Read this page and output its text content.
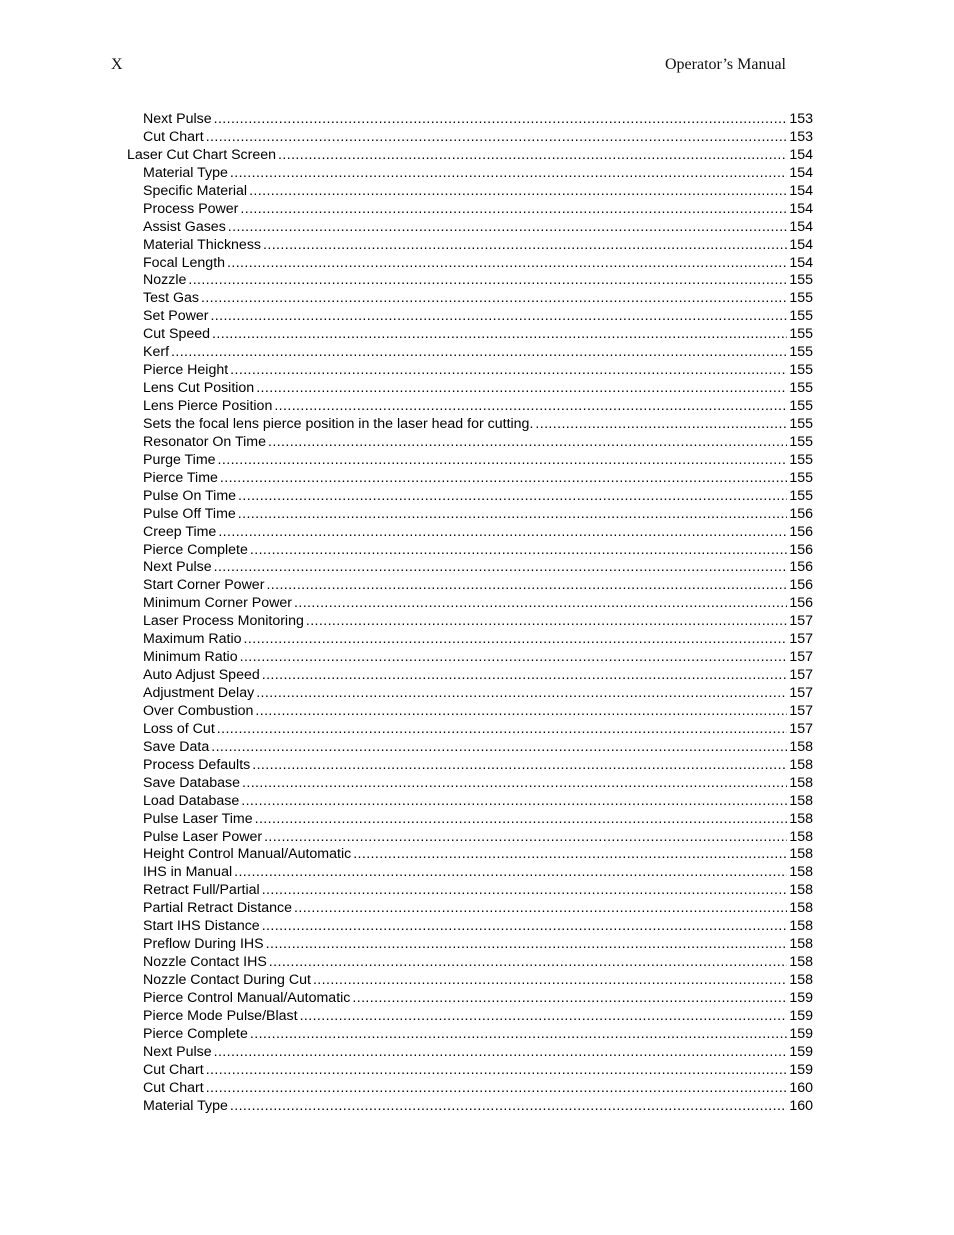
X	Operator’s Manual
Next Pulse .....	153
Cut Chart .....	153
Laser Cut Chart Screen .....	154
Material Type .....	154
Specific Material .....	154
Process Power .....	154
Assist Gases .....	154
Material Thickness .....	154
Focal Length .....	154
Nozzle .....	155
Test Gas .....	155
Set Power .....	155
Cut Speed .....	155
Kerf .....	155
Pierce Height .....	155
Lens Cut Position .....	155
Lens Pierce Position .....	155
Sets the focal lens pierce position in the laser head for cutting. .....	155
Resonator On Time .....	155
Purge Time .....	155
Pierce Time .....	155
Pulse On Time .....	155
Pulse Off Time .....	156
Creep Time .....	156
Pierce Complete .....	156
Next Pulse .....	156
Start Corner Power .....	156
Minimum Corner Power .....	156
Laser Process Monitoring .....	157
Maximum Ratio .....	157
Minimum Ratio .....	157
Auto Adjust Speed .....	157
Adjustment Delay .....	157
Over Combustion .....	157
Loss of Cut .....	157
Save Data .....	158
Process Defaults .....	158
Save Database .....	158
Load Database .....	158
Pulse Laser Time .....	158
Pulse Laser Power .....	158
Height Control Manual/Automatic .....	158
IHS in Manual .....	158
Retract Full/Partial .....	158
Partial Retract Distance .....	158
Start IHS Distance .....	158
Preflow During IHS .....	158
Nozzle Contact IHS .....	158
Nozzle Contact During Cut .....	158
Pierce Control Manual/Automatic .....	159
Pierce Mode Pulse/Blast .....	159
Pierce Complete .....	159
Next Pulse .....	159
Cut Chart .....	159
Cut Chart .....	160
Material Type .....	160
